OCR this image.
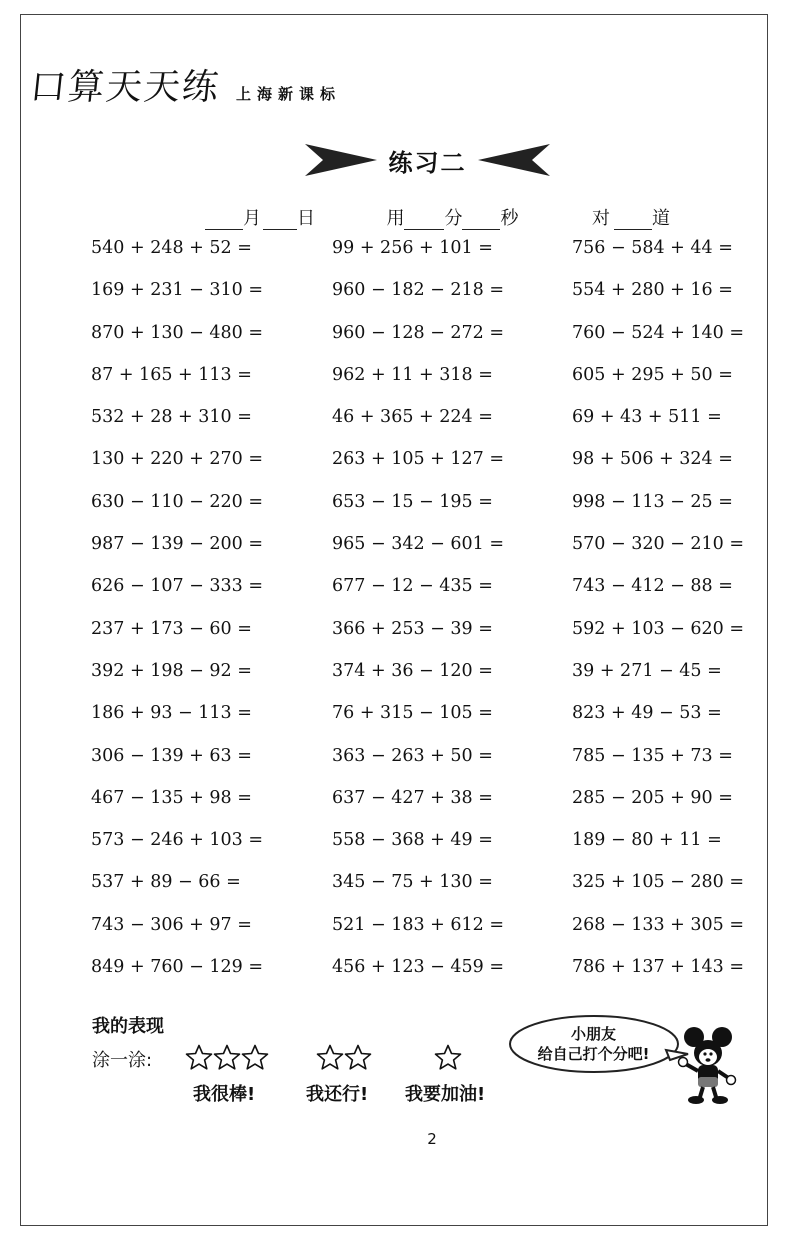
口算天天练 上海新课标
练习二
月 日	用 分 秒	对 道
540 + 248 + 52 =	99 + 256 + 101 =	756 − 584 + 44 =
169 + 231 − 310 =	960 − 182 − 218 =	554 + 280 + 16 =
870 + 130 − 480 =	960 − 128 − 272 =	760 − 524 + 140 =
87 + 165 + 113 =	962 + 11 + 318 =	605 + 295 + 50 =
532 + 28 + 310 =	46 + 365 + 224 =	69 + 43 + 511 =
130 + 220 + 270 =	263 + 105 + 127 =	98 + 506 + 324 =
630 − 110 − 220 =	653 − 15 − 195 =	998 − 113 − 25 =
987 − 139 − 200 =	965 − 342 − 601 =	570 − 320 − 210 =
626 − 107 − 333 =	677 − 12 − 435 =	743 − 412 − 88 =
237 + 173 − 60 =	366 + 253 − 39 =	592 + 103 − 620 =
392 + 198 − 92 =	374 + 36 − 120 =	39 + 271 − 45 =
186 + 93 − 113 =	76 + 315 − 105 =	823 + 49 − 53 =
306 − 139 + 63 =	363 − 263 + 50 =	785 − 135 + 73 =
467 − 135 + 98 =	637 − 427 + 38 =	285 − 205 + 90 =
573 − 246 + 103 =	558 − 368 + 49 =	189 − 80 + 11 =
537 + 89 − 66 =	345 − 75 + 130 =	325 + 105 − 280 =
743 − 306 + 97 =	521 − 183 + 612 =	268 − 133 + 305 =
849 + 760 − 129 =	456 + 123 − 459 =	786 + 137 + 143 =
我的表现
涂一涂:
我很棒!	我还行! 我要加油!
小朋友
给自己打个分吧!
2
